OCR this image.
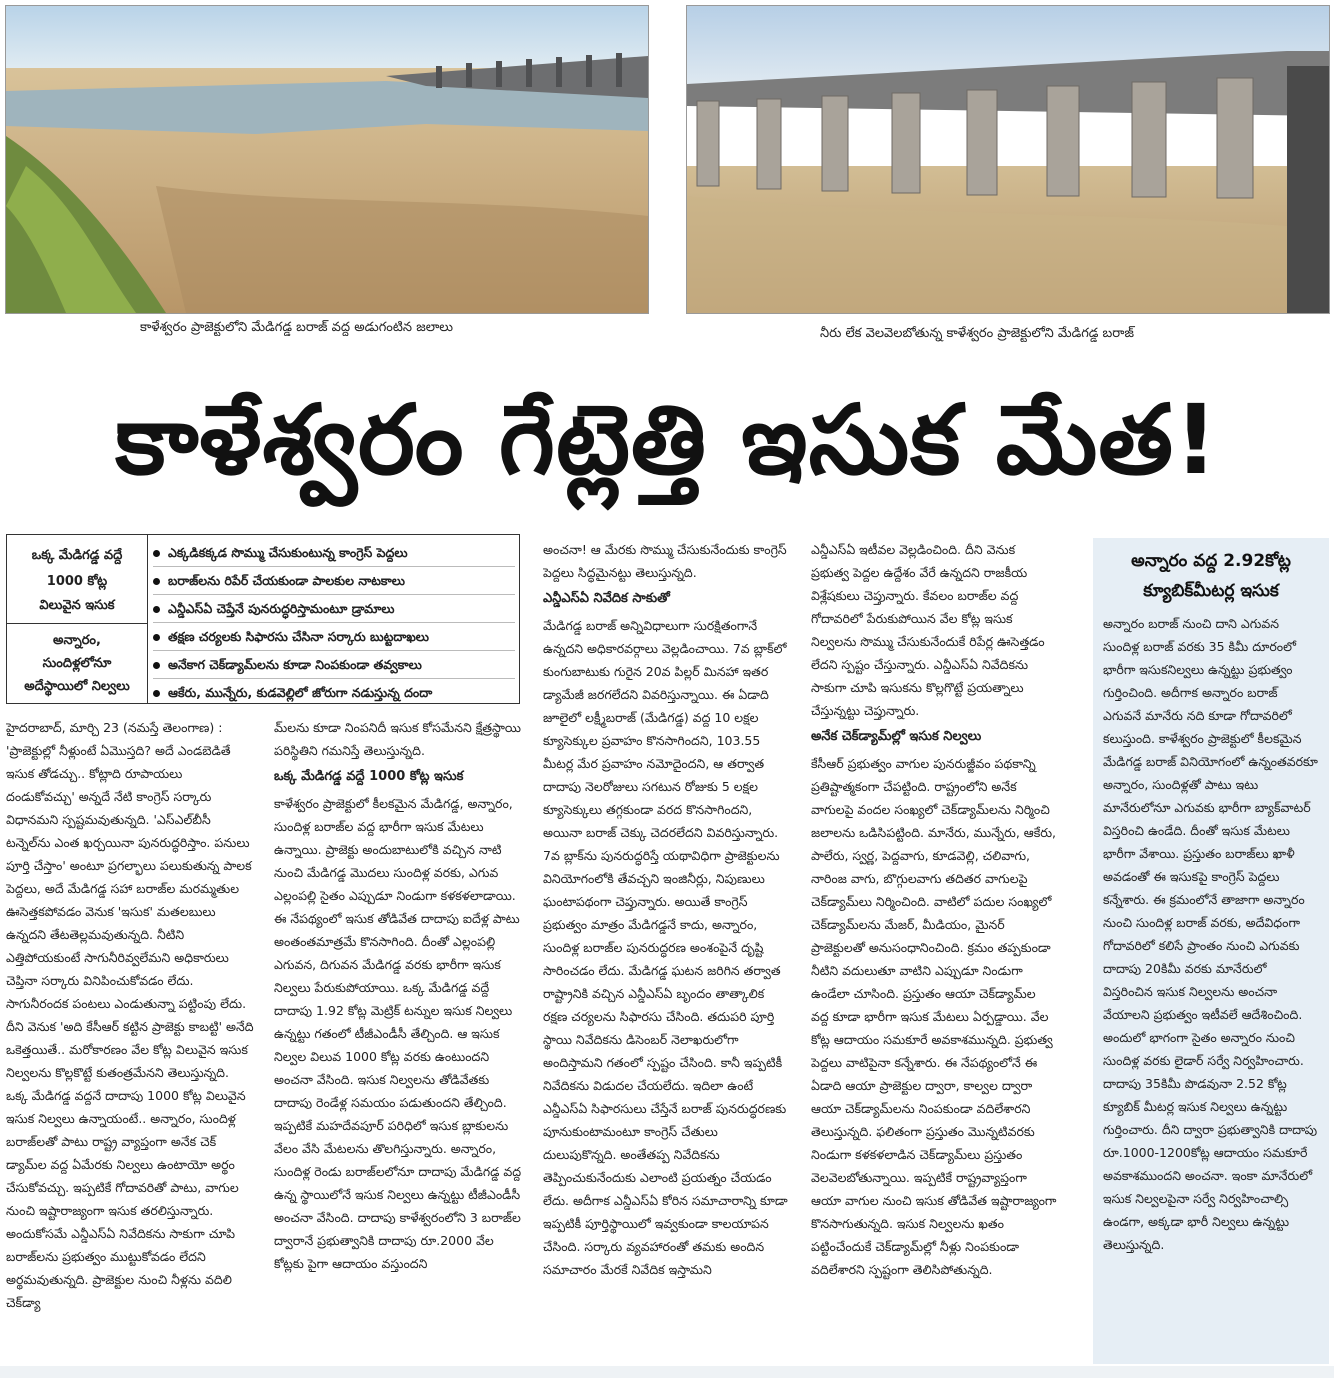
కాళేశ్వరం ప్రాజెక్టులోని మేడిగడ్డ బరాజ్ వద్ద అడుగంటిన జలాలు	నీరు లేక వెలవెలబోతున్న కాళేశ్వరం ప్రాజెక్టులోని మేడిగడ్డ బరాజ్
కాళేశ్వరం గేట్లెత్తి ఇసుక మేత!
ఒక్క మేడిగడ్డ వద్దే
1000 కోట్ల
విలువైన ఇసుక
అన్నారం,
సుందిళ్లలోనూ
అదేస్థాయిలో నిల్వలు
ఎక్కడికక్కడ సొమ్ము చేసుకుంటున్న కాంగ్రెస్ పెద్దలు
బరాజ్‌లను రిపేర్ చేయకుండా పాలకుల నాటకాలు
ఎన్డీఎస్‌ఏ చెప్తేనే పునరుద్ధరిస్తామంటూ డ్రామాలు
తక్షణ చర్యలకు సిఫారసు చేసినా సర్కారు బుట్టదాఖలు
అనేకాగ చెక్‌డ్యామ్‌లను కూడా నింపకుండా తవ్వకాలు
ఆకేరు, మున్నేరు, కుడవెల్లిలో జోరుగా నడుస్తున్న దందా

హైదరాబాద్, మార్చి 23 (నమస్తే తెలంగాణ) : 'ప్రాజెక్టుల్లో నీళ్లుంటే ఏమొస్తది? అదే ఎండబెడితే ఇసుక తోడచ్చు.. కోట్లాది రూపాయలు దండుకోవచ్చు' అన్నదే నేటి కాంగ్రెస్ సర్కారు విధానమని స్పష్టమవుతున్నది. 'ఎస్ఎల్‌బీసీ టన్నెల్‌ను ఎంత ఖర్చయినా పునరుద్ధరిస్తాం. పనులు పూర్తి చేస్తాం' అంటూ ప్రగల్భాలు పలుకుతున్న పాలక పెద్దలు, అదే మేడిగడ్డ సహా బరాజ్‌ల మరమ్మతుల ఊసెత్తకపోవడం వెనుక 'ఇసుక' మతలబులు ఉన్నదని తేటతెల్లమవుతున్నది. నీటిని ఎత్తిపోయకుంటే సాగునీరివ్వలేమని అధికారులు చెప్తినా సర్కారు వినిపించుకోవడం లేదు. సాగునీరందక పంటలు ఎండుతున్నా పట్టింపు లేదు. దీని వెనుక 'అది కేసీఆర్ కట్టిన ప్రాజెక్టు కాబట్టి' అనేది ఒకెత్తయితే.. మరోకారణం వేల కోట్ల విలువైన ఇసుక నిల్వలను కొల్లకొట్టే కుతంత్రమేనని తెలుస్తున్నది. ఒక్క మేడిగడ్డ వద్దనే దాదాపు 1000 కోట్ల విలువైన ఇసుక నిల్వలు ఉన్నాయంటే.. అన్నారం, సుందిళ్ల బరాజ్‌లతో పాటు రాష్ట్ర వ్యాప్తంగా అనేక చెక్ డ్యామ్‌ల వద్ద ఏమేరకు నిల్వలు ఉంటాయో అర్థం చేసుకోవచ్చు. ఇప్పటికే గోదావరితో పాటు, వాగుల నుంచి ఇష్టారాజ్యంగా ఇసుక తరలిస్తున్నారు. అందుకోసమే ఎన్డీఎస్‌ఏ నివేదికను సాకుగా చూపి బరాజ్‌లను ప్రభుత్వం ముట్టుకోవడం లేదని అర్థమవుతున్నది. ప్రాజెక్టుల నుంచి నీళ్లను వదిలి చెక్‌డ్యా

మ్‌లను కూడా నింపనిదీ ఇసుక కోసమేనని క్షేత్రస్థాయి పరిస్థితిని గమనిస్తే తెలుస్తున్నది.

ఒక్క మేడిగడ్డ వద్దే 1000 కోట్ల ఇసుక

కాళేశ్వరం ప్రాజెక్టులో కీలకమైన మేడిగడ్డ, అన్నారం, సుందిళ్ల బరాజ్‌ల వద్ద భారీగా ఇసుక మేటలు ఉన్నాయి. ప్రాజెక్టు అందుబాటులోకి వచ్చిన నాటి నుంచి మేడిగడ్డ మొదలు సుందిళ్ల వరకు, ఎగువ ఎల్లంపల్లి సైతం ఎప్పుడూ నిండుగా కళకళలాడాయి. ఈ నేపథ్యంలో ఇసుక తోడివేత దాదాపు ఐదేళ్ల పాటు అంతంతమాత్రమే కొనసాగింది. దీంతో ఎల్లంపల్లి ఎగువన, దిగువన మేడిగడ్డ వరకు భారీగా ఇసుక నిల్వలు పేరుకుపోయాయి. ఒక్క మేడిగడ్డ వద్దే దాదాపు 1.92 కోట్ల మెట్రిక్ టన్నుల ఇసుక నిల్వలు ఉన్నట్టు గతంలో టీజీఎండీసీ తేల్చింది. ఆ ఇసుక నిల్వల విలువ 1000 కోట్ల వరకు ఉంటుందని అంచనా వేసింది. ఇసుక నిల్వలను తోడివేతకు దాదాపు రెండేళ్ల సమయం పడుతుందని తేల్చింది. ఇప్పటికే మహదేవపూర్ పరిధిలో ఇసుక బ్లాకులను వేలం వేసి మేటలను తొలగిస్తున్నారు. అన్నారం, సుందిళ్ల రెండు బరాజ్‌లలోనూ దాదాపు మేడిగడ్డ వద్ద ఉన్న స్థాయిలోనే ఇసుక నిల్వలు ఉన్నట్టు టీజీఎండీసీ అంచనా వేసింది. దాదాపు కాళేశ్వరంలోని 3 బరాజ్‌ల ద్వారానే ప్రభుత్వానికి దాదాపు రూ.2000 వేల కోట్లకు పైగా ఆదాయం వస్తుందని

అంచనా! ఆ మేరకు సొమ్ము చేసుకునేందుకు కాంగ్రెస్ పెద్దలు సిద్ధమైనట్టు తెలుస్తున్నది.

ఎన్డీఎస్ఏ నివేదిక సాకుతో

మేడిగడ్డ బరాజ్ అన్నివిధాలుగా సురక్షితంగానే ఉన్నదని అధికారవర్గాలు వెల్లడించాయి. 7వ బ్లాక్‌లో కుంగుబాటుకు గురైన 20వ పిల్లర్ మినహా ఇతర డ్యామేజీ జరగలేదని వివరిస్తున్నాయి. ఈ ఏడాది జూలైలో లక్ష్మీబరాజ్ (మేడిగడ్డ) వద్ద 10 లక్షల క్యూసెక్కుల ప్రవాహం కొనసాగిందని, 103.55 మీటర్ల మేర ప్రవాహం నమోదైందని, ఆ తర్వాత దాదాపు నెలరోజులు సగటున రోజుకు 5 లక్షల క్యూసెక్కులు తగ్గకుండా వరద కొనసాగిందని, అయినా బరాజ్ చెక్కు చెదరలేదని వివరిస్తున్నారు. 7వ బ్లాక్‌ను పునరుద్ధరిస్తే యథావిధిగా ప్రాజెక్టులను వినియోగంలోకి తేవచ్చని ఇంజినీర్లు, నిపుణులు ఘంటాపథంగా చెప్తున్నారు. అయితే కాంగ్రెస్ ప్రభుత్వం మాత్రం మేడిగడ్డనే కాదు, అన్నారం, సుందిళ్ల బరాజ్‌ల పునరుద్ధరణ అంశంపైనే దృష్టి సారించడం లేదు. మేడిగడ్డ ఘటన జరిగిన తర్వాత రాష్ట్రానికి వచ్చిన ఎన్డీఎస్ఏ బృందం తాత్కాలిక రక్షణ చర్యలను సిఫారసు చేసింది. తదుపరి పూర్తి స్థాయి నివేదికను డిసెంబర్ నెలాఖరులోగా అందిస్తామని గతంలో స్పష్టం చేసింది. కానీ ఇప్పటికీ నివేదికను విడుదల చేయలేదు. ఇదిలా ఉంటే ఎన్డీఎస్ఏ సిఫారసులు చేస్తేనే బరాజ్ పునరుద్ధరణకు పూనుకుంటామంటూ కాంగ్రెస్ చేతులు దులుపుకొన్నది. అంతేతప్ప నివేదికను తెప్పించుకునేందుకు ఎలాంటి ప్రయత్నం చేయడం లేదు. అదీగాక ఎన్డీఎస్ఏ కోరిన సమాచారాన్ని కూడా ఇప్పటికీ పూర్తిస్థాయిలో ఇవ్వకుండా కాలయాపన చేసింది. సర్కారు వ్యవహారంతో తమకు అందిన సమాచారం మేరకే నివేదిక ఇస్తామని

ఎన్డీఎస్ఏ ఇటీవల వెల్లడించింది. దీని వెనుక ప్రభుత్వ పెద్దల ఉద్దేశం వేరే ఉన్నదని రాజకీయ విశ్లేషకులు చెప్తున్నారు. కేవలం బరాజ్‌ల వద్ద గోదావరిలో పేరుకుపోయిన వేల కోట్ల ఇసుక నిల్వలను సొమ్ము చేసుకునేందుకే రిపేర్ల ఊసెత్తడం లేదని స్పష్టం చేస్తున్నారు. ఎన్డీఎస్ఏ నివేదికను సాకుగా చూపి ఇసుకను కొల్లగొట్టే ప్రయత్నాలు చేస్తున్నట్టు చెప్తున్నారు.

అనేక చెక్‌డ్యామ్‌ల్లో ఇసుక నిల్వలు

కేసీఆర్ ప్రభుత్వం వాగుల పునరుజ్జీవం పథకాన్ని ప్రతిష్టాత్మకంగా చేపట్టింది. రాష్ట్రంలోని అనేక వాగులపై వందల సంఖ్యలో చెక్‌డ్యామ్‌లను నిర్మించి జలాలను ఒడిసిపట్టింది. మానేరు, మున్నేరు, ఆకేరు, పాలేరు, స్వర్ణ, పెద్దవాగు, కూడవెల్లి, చలివాగు, నారింజ వాగు, బొగ్గులవాగు తదితర వాగులపై చెక్‌డ్యామ్‌లు నిర్మించింది. వాటిలో పదుల సంఖ్యలో చెక్‌డ్యామ్‌లను మేజర్, మీడియం, మైనర్ ప్రాజెక్టులతో అనుసంధానించింది. క్రమం తప్పకుండా నీటిని వదులుతూ వాటిని ఎప్పుడూ నిండుగా ఉండేలా చూసింది. ప్రస్తుతం ఆయా చెక్‌డ్యామ్‌ల వద్ద కూడా భారీగా ఇసుక మేటలు ఏర్పడ్డాయి. వేల కోట్ల ఆదాయం సమకూరే అవకాశమున్నది. ప్రభుత్వ పెద్దలు వాటిపైనా కన్నేశారు. ఈ నేపథ్యంలోనే ఈ ఏడాది ఆయా ప్రాజెక్టుల ద్వారా, కాల్వల ద్వారా ఆయా చెక్‌డ్యామ్‌లను నింపకుండా వదిలేశారని తెలుస్తున్నది. ఫలితంగా ప్రస్తుతం మొన్నటివరకు నిండుగా కళకళలాడిన చెక్‌డ్యామ్‌లు ప్రస్తుతం వెలవెలబోతున్నాయి. ఇప్పటికే రాష్ట్రవ్యాప్తంగా ఆయా వాగుల నుంచి ఇసుక తోడివేత ఇష్టారాజ్యంగా కొనసాగుతున్నది. ఇసుక నిల్వలను ఖతం పట్టించేందుకే చెక్‌డ్యామ్‌ల్లో నీళ్లు నింపకుండా వదిలేశారని స్పష్టంగా తెలిసిపోతున్నది.

అన్నారం వద్ద 2.92కోట్ల క్యూబిక్‌మీటర్ల ఇసుక

అన్నారం బరాజ్ నుంచి దాని ఎగువన సుందిళ్ల బరాజ్ వరకు 35 కిమీ దూరంలో భారీగా ఇసుకనిల్వలు ఉన్నట్టు ప్రభుత్వం గుర్తించింది. అదీగాక అన్నారం బరాజ్ ఎగువనే మానేరు నది కూడా గోదావరిలో కలుస్తుంది. కాళేశ్వరం ప్రాజెక్టులో కీలకమైన మేడిగడ్డ బరాజ్ వినియోగంలో ఉన్నంతవరకూ అన్నారం, సుందిళ్లతో పాటు ఇటు మానేరులోనూ ఎగువకు భారీగా బ్యాక్‌వాటర్ విస్తరించి ఉండేది. దీంతో ఇసుక మేటలు భారీగా వేశాయి. ప్రస్తుతం బరాజ్‌లు ఖాళీ అవడంతో ఈ ఇసుకపై కాంగ్రెస్ పెద్దలు కన్నేశారు. ఈ క్రమంలోనే తాజాగా అన్నారం నుంచి సుందిళ్ల బరాజ్ వరకు, అదేవిధంగా గోదావరిలో కలిసే ప్రాంతం నుంచి ఎగువకు దాదాపు 20కిమీ వరకు మానేరులో విస్తరించిన ఇసుక నిల్వలను అంచనా వేయాలని ప్రభుత్వం ఇటీవలే ఆదేశించింది. అందులో భాగంగా సైతం అన్నారం నుంచి సుందిళ్ల వరకు లైడార్ సర్వే నిర్వహించారు. దాదాపు 35కిమీ పొడవునా 2.52 కోట్ల క్యూబిక్ మీటర్ల ఇసుక నిల్వలు ఉన్నట్టు గుర్తించారు. దీని ద్వారా ప్రభుత్వానికి దాదాపు రూ.1000-1200కోట్ల ఆదాయం సమకూరే అవకాశముందని అంచనా. ఇంకా మానేరులో ఇసుక నిల్వలపైనా సర్వే నిర్వహించాల్సి ఉండగా, అక్కడా భారీ నిల్వలు ఉన్నట్టు తెలుస్తున్నది.
